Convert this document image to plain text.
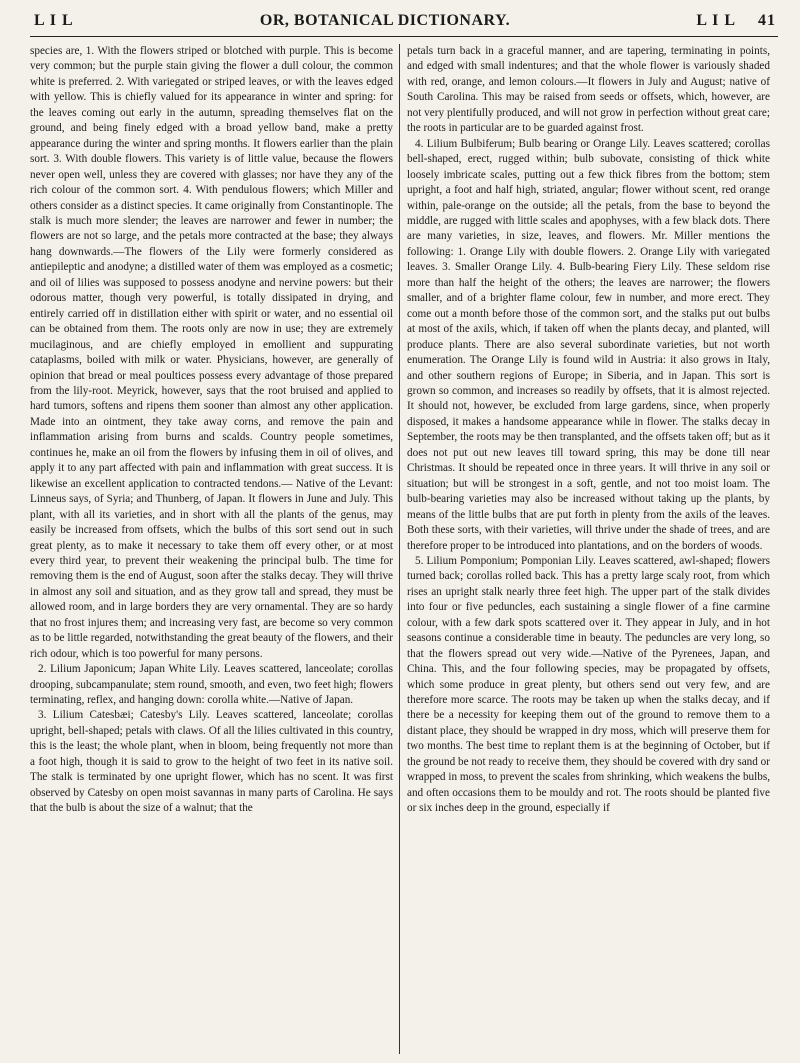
L I L	OR, BOTANICAL DICTIONARY.	L I L	41

species are, 1. With the flowers striped or blotched with purple. This is become very common; but the purple stain giving the flower a dull colour, the common white is preferred. 2. With variegated or striped leaves, or with the leaves edged with yellow. This is chiefly valued for its appearance in winter and spring: for the leaves coming out early in the autumn, spreading themselves flat on the ground, and being finely edged with a broad yellow band, make a pretty appearance during the winter and spring months. It flowers earlier than the plain sort. 3. With double flowers. This variety is of little value, because the flowers never open well, unless they are covered with glasses; nor have they any of the rich colour of the common sort. 4. With pendulous flowers; which Miller and others consider as a distinct species. It came originally from Constantinople. The stalk is much more slender; the leaves are narrower and fewer in number; the flowers are not so large, and the petals more contracted at the base; they always hang downwards.—The flowers of the Lily were formerly considered as antiepileptic and anodyne; a distilled water of them was employed as a cosmetic; and oil of lilies was supposed to possess anodyne and nervine powers: but their odorous matter, though very powerful, is totally dissipated in drying, and entirely carried off in distillation either with spirit or water, and no essential oil can be obtained from them. The roots only are now in use; they are extremely mucilaginous, and are chiefly employed in emollient and suppurating cataplasms, boiled with milk or water. Physicians, however, are generally of opinion that bread or meal poultices possess every advantage of those prepared from the lily-root. Meyrick, however, says that the root bruised and applied to hard tumors, softens and ripens them sooner than almost any other application. Made into an ointment, they take away corns, and remove the pain and inflammation arising from burns and scalds. Country people sometimes, continues he, make an oil from the flowers by infusing them in oil of olives, and apply it to any part affected with pain and inflammation with great success. It is likewise an excellent application to contracted tendons.— Native of the Levant: Linneus says, of Syria; and Thunberg, of Japan. It flowers in June and July. This plant, with all its varieties, and in short with all the plants of the genus, may easily be increased from offsets, which the bulbs of this sort send out in such great plenty, as to make it necessary to take them off every other, or at most every third year, to prevent their weakening the principal bulb. The time for removing them is the end of August, soon after the stalks decay. They will thrive in almost any soil and situation, and as they grow tall and spread, they must be allowed room, and in large borders they are very ornamental. They are so hardy that no frost injures them; and increasing very fast, are become so very common as to be little regarded, notwithstanding the great beauty of the flowers, and their rich odour, which is too powerful for many persons.

2. Lilium Japonicum; Japan White Lily. Leaves scattered, lanceolate; corollas drooping, subcampanulate; stem round, smooth, and even, two feet high; flowers terminating, reflex, and hanging down: corolla white.—Native of Japan.

3. Lilium Catesbæi; Catesby's Lily. Leaves scattered, lanceolate; corollas upright, bell-shaped; petals with claws. Of all the lilies cultivated in this country, this is the least; the whole plant, when in bloom, being frequently not more than a foot high, though it is said to grow to the height of two feet in its native soil. The stalk is terminated by one upright flower, which has no scent. It was first observed by Catesby on open moist savannas in many parts of Carolina. He says that the bulb is about the size of a walnut; that the

petals turn back in a graceful manner, and are tapering, terminating in points, and edged with small indentures; and that the whole flower is variously shaded with red, orange, and lemon colours.—It flowers in July and August; native of South Carolina. This may be raised from seeds or offsets, which, however, are not very plentifully produced, and will not grow in perfection without great care; the roots in particular are to be guarded against frost.

4. Lilium Bulbiferum; Bulb bearing or Orange Lily. Leaves scattered; corollas bell-shaped, erect, rugged within; bulb subovate, consisting of thick white loosely imbricate scales, putting out a few thick fibres from the bottom; stem upright, a foot and half high, striated, angular; flower without scent, red orange within, pale-orange on the outside; all the petals, from the base to beyond the middle, are rugged with little scales and apophyses, with a few black dots. There are many varieties, in size, leaves, and flowers. Mr. Miller mentions the following: 1. Orange Lily with double flowers. 2. Orange Lily with variegated leaves. 3. Smaller Orange Lily. 4. Bulb-bearing Fiery Lily. These seldom rise more than half the height of the others; the leaves are narrower; the flowers smaller, and of a brighter flame colour, few in number, and more erect. They come out a month before those of the common sort, and the stalks put out bulbs at most of the axils, which, if taken off when the plants decay, and planted, will produce plants. There are also several subordinate varieties, but not worth enumeration. The Orange Lily is found wild in Austria: it also grows in Italy, and other southern regions of Europe; in Siberia, and in Japan. This sort is grown so common, and increases so readily by offsets, that it is almost rejected. It should not, however, be excluded from large gardens, since, when properly disposed, it makes a handsome appearance while in flower. The stalks decay in September, the roots may be then transplanted, and the offsets taken off; but as it does not put out new leaves till toward spring, this may be done till near Christmas. It should be repeated once in three years. It will thrive in any soil or situation; but will be strongest in a soft, gentle, and not too moist loam. The bulb-bearing varieties may also be increased without taking up the plants, by means of the little bulbs that are put forth in plenty from the axils of the leaves. Both these sorts, with their varieties, will thrive under the shade of trees, and are therefore proper to be introduced into plantations, and on the borders of woods.

5. Lilium Pomponium; Pomponian Lily. Leaves scattered, awl-shaped; flowers turned back; corollas rolled back. This has a pretty large scaly root, from which rises an upright stalk nearly three feet high. The upper part of the stalk divides into four or five peduncles, each sustaining a single flower of a fine carmine colour, with a few dark spots scattered over it. They appear in July, and in hot seasons continue a considerable time in beauty. The peduncles are very long, so that the flowers spread out very wide.—Native of the Pyrenees, Japan, and China. This, and the four following species, may be propagated by offsets, which some produce in great plenty, but others send out very few, and are therefore more scarce. The roots may be taken up when the stalks decay, and if there be a necessity for keeping them out of the ground to remove them to a distant place, they should be wrapped in dry moss, which will preserve them for two months. The best time to replant them is at the beginning of October, but if the ground be not ready to receive them, they should be covered with dry sand or wrapped in moss, to prevent the scales from shrinking, which weakens the bulbs, and often occasions them to be mouldy and rot. The roots should be planted five or six inches deep in the ground, especially if
